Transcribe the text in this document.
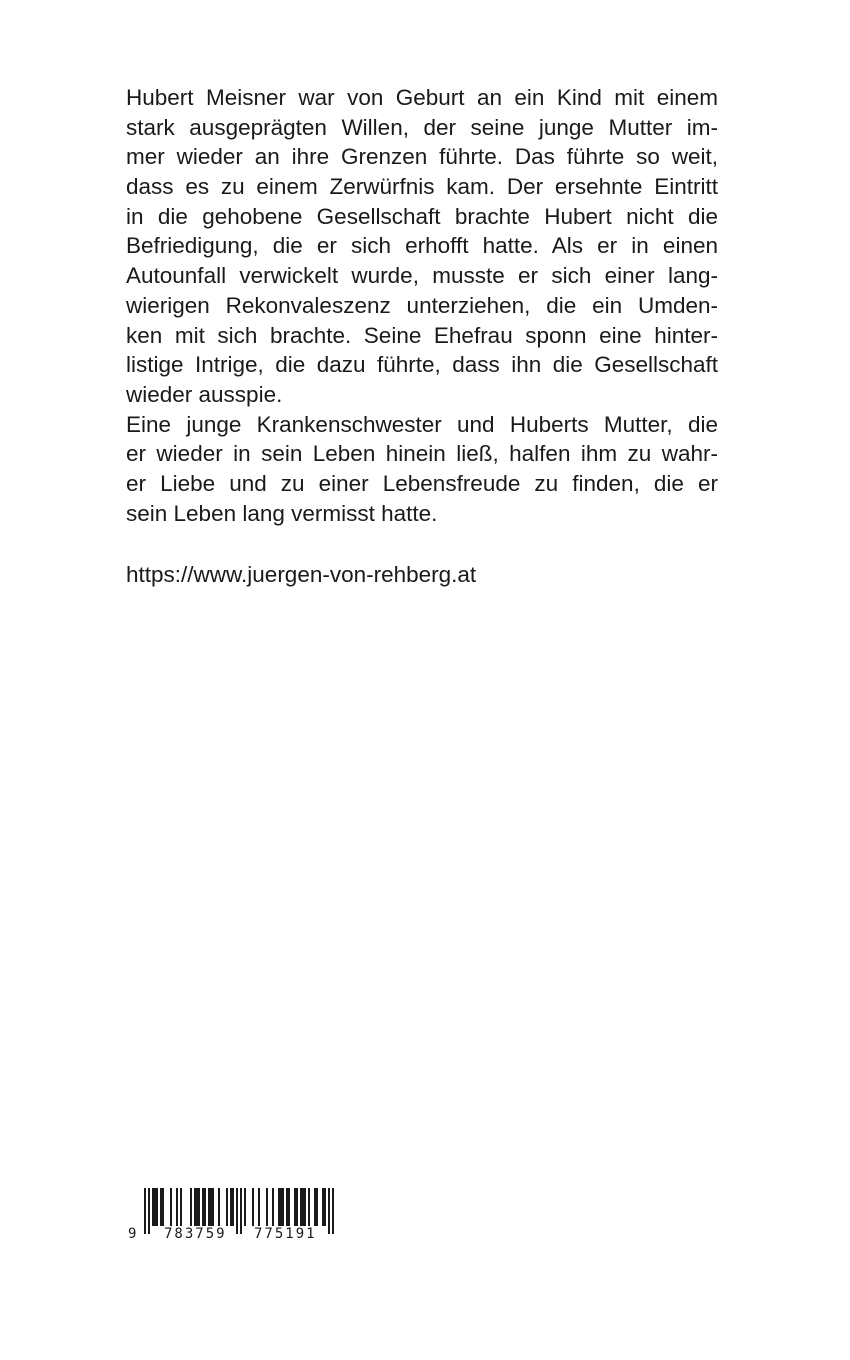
Hubert Meisner war von Geburt an ein Kind mit einem
stark ausgeprägten Willen, der seine junge Mutter im-
mer wieder an ihre Grenzen führte. Das führte so weit,
dass es zu einem Zerwürfnis kam. Der ersehnte Eintritt
in die gehobene Gesellschaft brachte Hubert nicht die
Befriedigung, die er sich erhofft hatte. Als er in einen
Autounfall verwickelt wurde, musste er sich einer lang-
wierigen Rekonvaleszenz unterziehen, die ein Umden-
ken mit sich brachte. Seine Ehefrau sponn eine hinter-
listige Intrige, die dazu führte, dass ihn die Gesellschaft
wieder ausspie.
Eine junge Krankenschwester und Huberts Mutter, die
er wieder in sein Leben hinein ließ, halfen ihm zu wahr-
er Liebe und zu einer Lebensfreude zu finden, die er
sein Leben lang vermisst hatte.
https://www.juergen-von-rehberg.at
9 783759 775191
